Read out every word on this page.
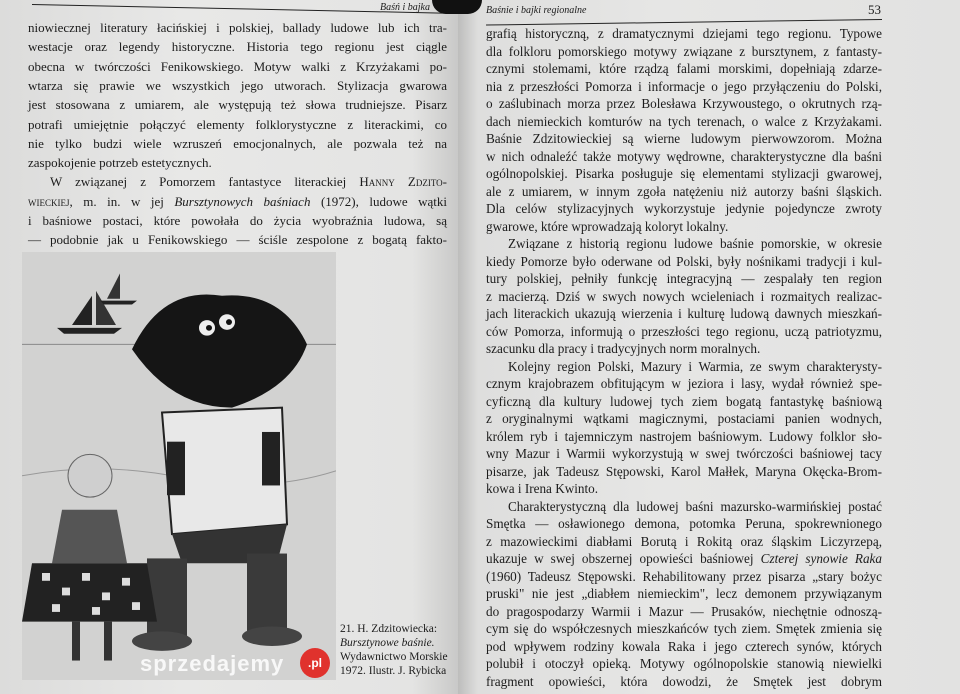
Baśń i bajka
niowiecznej literatury łacińskiej i polskiej, ballady ludowe lub ich tra-
westacje oraz legendy historyczne. Historia tego regionu jest ciągle
obecna w twórczości Fenikowskiego. Motyw walki z Krzyżakami po-
wtarza się prawie we wszystkich jego utworach. Stylizacja gwarowa
jest stosowana z umiarem, ale występują też słowa trudniejsze. Pisarz
potrafi umiejętnie połączyć elementy folklorystyczne z literackimi, co
nie tylko budzi wiele wzruszeń emocjonalnych, ale pozwala też na
zaspokojenie potrzeb estetycznych.
W związanej z Pomorzem fantastyce literackiej Hanny Zdzito-
wieckiej, m. in. w jej Bursztynowych baśniach (1972), ludowe wątki
i baśniowe postaci, które powołała do życia wyobraźnia ludowa, są
— podobnie jak u Fenikowskiego — ściśle zespolone z bogatą fakto-
21. H. Zdzitowiecka:
Bursztynowe baśnie.
Wydawnictwo Morskie
1972. Ilustr. J. Rybicka
Baśnie i bajki regionalne	53
grafią historyczną, z dramatycznymi dziejami tego regionu. Typowe
dla folkloru pomorskiego motywy związane z bursztynem, z fantasty-
cznymi stolemami, które rządzą falami morskimi, dopełniają zdarze-
nia z przeszłości Pomorza i informacje o jego przyłączeniu do Polski,
o zaślubinach morza przez Bolesława Krzywoustego, o okrutnych rzą-
dach niemieckich komturów na tych terenach, o walce z Krzyżakami.
Baśnie Zdzitowieckiej są wierne ludowym pierwowzorom. Można
w nich odnaleźć także motywy wędrowne, charakterystyczne dla baśni
ogólnopolskiej. Pisarka posługuje się elementami stylizacji gwarowej,
ale z umiarem, w innym zgoła natężeniu niż autorzy baśni śląskich.
Dla celów stylizacyjnych wykorzystuje jedynie pojedyncze zwroty
gwarowe, które wprowadzają koloryt lokalny.
Związane z historią regionu ludowe baśnie pomorskie, w okresie
kiedy Pomorze było oderwane od Polski, były nośnikami tradycji i kul-
tury polskiej, pełniły funkcję integracyjną — zespalały ten region
z macierzą. Dziś w swych nowych wcieleniach i rozmaitych realizac-
jach literackich ukazują wierzenia i kulturę ludową dawnych mieszkań-
ców Pomorza, informują o przeszłości tego regionu, uczą patriotyzmu,
szacunku dla pracy i tradycyjnych norm moralnych.
Kolejny region Polski, Mazury i Warmia, ze swym charakterysty-
cznym krajobrazem obfitującym w jeziora i lasy, wydał również spe-
cyficzną dla kultury ludowej tych ziem bogatą fantastykę baśniową
z oryginalnymi wątkami magicznymi, postaciami panien wodnych,
królem ryb i tajemniczym nastrojem baśniowym. Ludowy folklor sło-
wny Mazur i Warmii wykorzystują w swej twórczości baśniowej tacy
pisarze, jak Tadeusz Stępowski, Karol Małłek, Maryna Okęcka-Brom-
kowa i Irena Kwinto.
Charakterystyczną dla ludowej baśni mazursko-warmińskiej postać
Smętka — osławionego demona, potomka Peruna, spokrewnionego
z mazowieckimi diabłami Borutą i Rokitą oraz śląskim Liczyrzepą,
ukazuje w swej obszernej opowieści baśniowej Czterej synowie Raka
(1960) Tadeusz Stępowski. Rehabilitowany przez pisarza „stary bożyc
pruski" nie jest „diabłem niemieckim", lecz demonem przywiązanym
do pragospodarzy Warmii i Mazur — Prusaków, niechętnie odnoszą-
cym się do współczesnych mieszkańców tych ziem. Smętek zmienia się
pod wpływem rodziny kowala Raka i jego czterech synów, których
polubił i otoczył opieką. Motywy ogólnopolskie stanowią niewielki
fragment opowieści, która dowodzi, że Smętek jest dobrym
sprzedajemy	.pl
